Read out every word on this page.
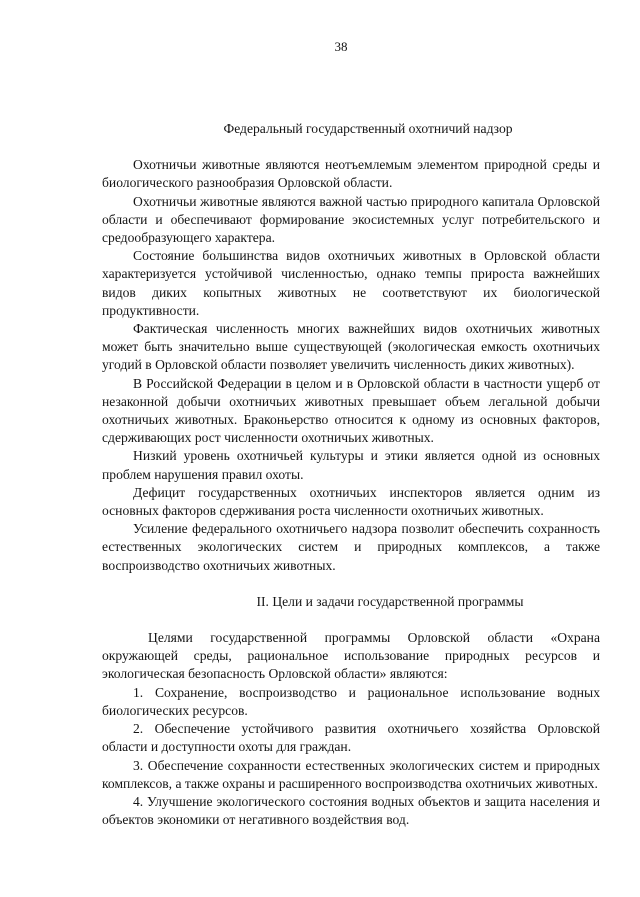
38
Федеральный государственный охотничий надзор

Охотничьи животные являются неотъемлемым элементом природной среды и биологического разнообразия Орловской области.

Охотничьи животные являются важной частью природного капитала Орловской области и обеспечивают формирование экосистемных услуг потребительского и средообразующего характера.

Состояние большинства видов охотничьих животных в Орловской области характеризуется устойчивой численностью, однако темпы прироста важнейших видов диких копытных животных не соответствуют их биологической продуктивности.

Фактическая численность многих важнейших видов охотничьих животных может быть значительно выше существующей (экологическая емкость охотничьих угодий в Орловской области позволяет увеличить численность диких животных).

В Российской Федерации в целом и в Орловской области в частности ущерб от незаконной добычи охотничьих животных превышает объем легальной добычи охотничьих животных. Браконьерство относится к одному из основных факторов, сдерживающих рост численности охотничьих животных.

Низкий уровень охотничьей культуры и этики является одной из основных проблем нарушения правил охоты.

Дефицит государственных охотничьих инспекторов является одним из основных факторов сдерживания роста численности охотничьих животных.

Усиление федерального охотничьего надзора позволит обеспечить сохранность естественных экологических систем и природных комплексов, а также воспроизводство охотничьих животных.

II. Цели и задачи государственной программы

Целями государственной программы Орловской области «Охрана окружающей среды, рациональное использование природных ресурсов и экологическая безопасность Орловской области» являются:

1. Сохранение, воспроизводство и рациональное использование водных биологических ресурсов.

2. Обеспечение устойчивого развития охотничьего хозяйства Орловской области и доступности охоты для граждан.

3. Обеспечение сохранности естественных экологических систем и природных комплексов, а также охраны и расширенного воспроизводства охотничьих животных.

4. Улучшение экологического состояния водных объектов и защита населения и объектов экономики от негативного воздействия вод.
